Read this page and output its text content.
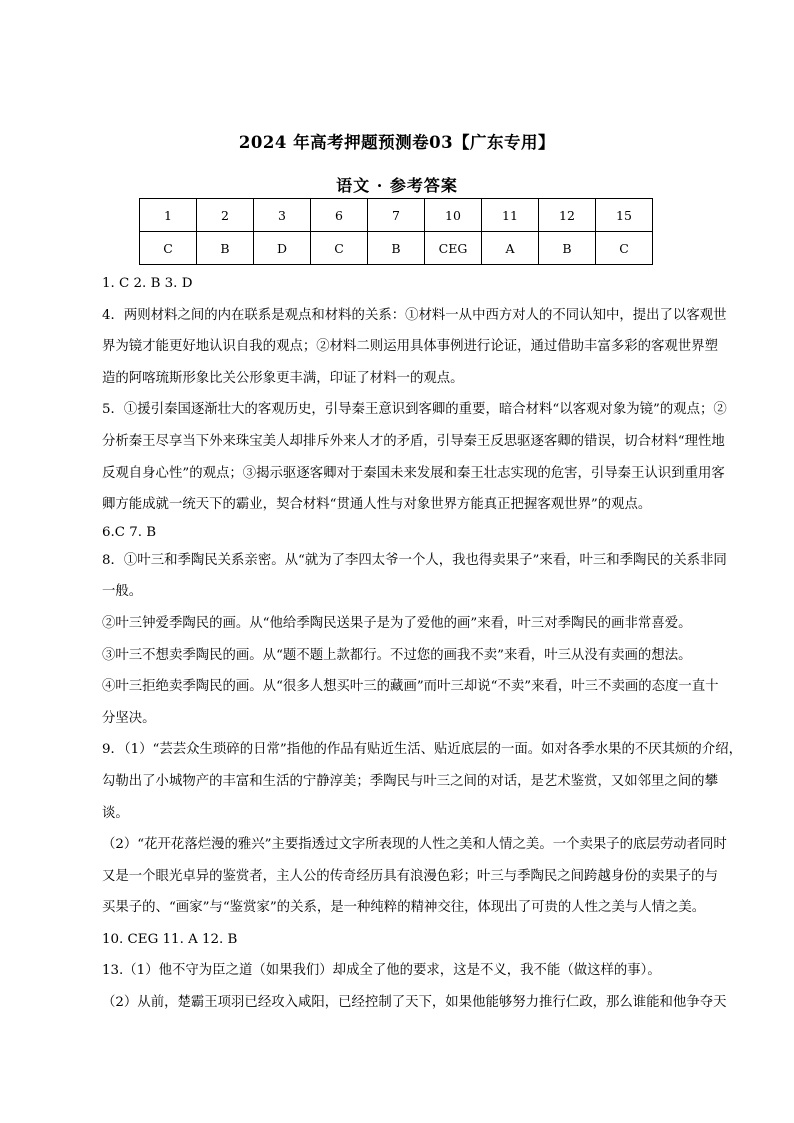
2024 年高考押题预测卷03【广东专用】
语文 · 参考答案
1	2	3	6	7	10	11	12	15
C	B	D	C	B	CEG	A	B	C
1. C 2. B 3. D
4．两则材料之间的内在联系是观点和材料的关系：①材料一从中西方对人的不同认知中，提出了以客观世
界为镜才能更好地认识自我的观点；②材料二则运用具体事例进行论证，通过借助丰富多彩的客观世界塑
造的阿喀琉斯形象比关公形象更丰满，印证了材料一的观点。
5．①援引秦国逐渐壮大的客观历史，引导秦王意识到客卿的重要，暗合材料“以客观对象为镜”的观点；②
分析秦王尽享当下外来珠宝美人却排斥外来人才的矛盾，引导秦王反思驱逐客卿的错误，切合材料“理性地
反观自身心性”的观点；③揭示驱逐客卿对于秦国未来发展和秦王壮志实现的危害，引导秦王认识到重用客
卿方能成就一统天下的霸业，契合材料“贯通人性与对象世界方能真正把握客观世界”的观点。
6.C 7. B
8．①叶三和季陶民关系亲密。从“就为了李四太爷一个人，我也得卖果子”来看，叶三和季陶民的关系非同
一般。
②叶三钟爱季陶民的画。从“他给季陶民送果子是为了爱他的画”来看，叶三对季陶民的画非常喜爱。
③叶三不想卖季陶民的画。从“题不题上款都行。不过您的画我不卖”来看，叶三从没有卖画的想法。
④叶三拒绝卖季陶民的画。从“很多人想买叶三的藏画”而叶三却说“不卖”来看，叶三不卖画的态度一直十
分坚决。
9．（1）“芸芸众生琐碎的日常”指他的作品有贴近生活、贴近底层的一面。如对各季水果的不厌其烦的介绍，
勾勒出了小城物产的丰富和生活的宁静淳美；季陶民与叶三之间的对话，是艺术鉴赏，又如邻里之间的攀
谈。
（2）“花开花落烂漫的雅兴”主要指透过文字所表现的人性之美和人情之美。一个卖果子的底层劳动者同时
又是一个眼光卓异的鉴赏者，主人公的传奇经历具有浪漫色彩；叶三与季陶民之间跨越身份的卖果子的与
买果子的、“画家”与“鉴赏家”的关系，是一种纯粹的精神交往，体现出了可贵的人性之美与人情之美。
10. CEG 11. A 12. B
13.（1）他不守为臣之道（如果我们）却成全了他的要求，这是不义，我不能（做这样的事）。
（2）从前，楚霸王项羽已经攻入咸阳，已经控制了天下，如果他能够努力推行仁政，那么谁能和他争夺天
